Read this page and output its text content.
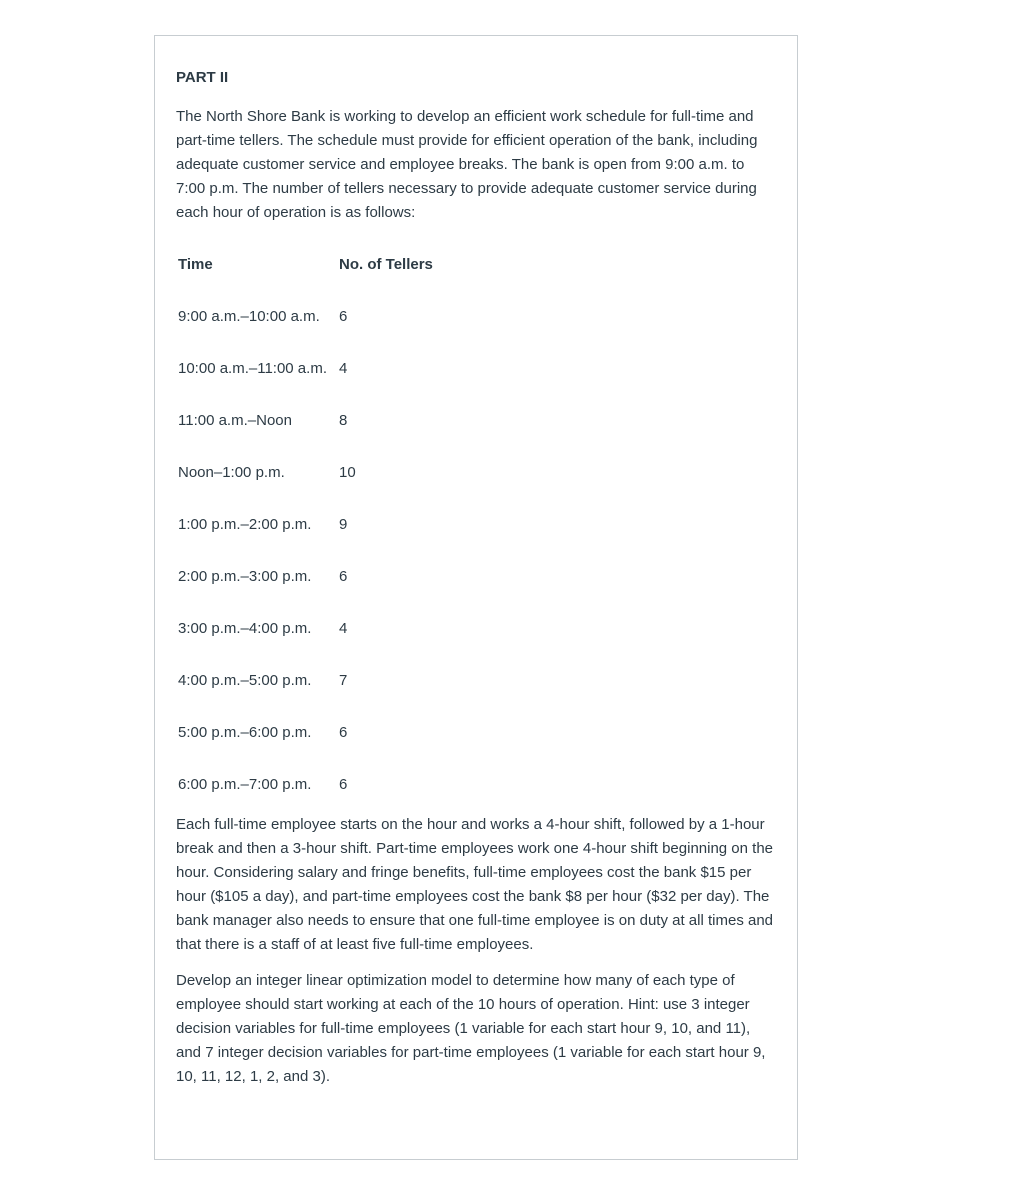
PART II

The North Shore Bank is working to develop an efficient work schedule for full-time and part-time tellers. The schedule must provide for efficient operation of the bank, including adequate customer service and employee breaks. The bank is open from 9:00 a.m. to 7:00 p.m. The number of tellers necessary to provide adequate customer service during each hour of operation is as follows:

Time	No. of Tellers

9:00 a.m.–10:00 a.m.	6

10:00 a.m.–11:00 a.m.	4

11:00 a.m.–Noon	8

Noon–1:00 p.m.	10

1:00 p.m.–2:00 p.m.	9

2:00 p.m.–3:00 p.m.	6

3:00 p.m.–4:00 p.m.	4

4:00 p.m.–5:00 p.m.	7

5:00 p.m.–6:00 p.m.	6

6:00 p.m.–7:00 p.m.	6

Each full-time employee starts on the hour and works a 4-hour shift, followed by a 1-hour break and then a 3-hour shift. Part-time employees work one 4-hour shift beginning on the hour. Considering salary and fringe benefits, full-time employees cost the bank $15 per hour ($105 a day), and part-time employees cost the bank $8 per hour ($32 per day). The bank manager also needs to ensure that one full-time employee is on duty at all times and that there is a staff of at least five full-time employees.

Develop an integer linear optimization model to determine how many of each type of employee should start working at each of the 10 hours of operation. Hint: use 3 integer decision variables for full-time employees (1 variable for each start hour 9, 10, and 11), and 7 integer decision variables for part-time employees (1 variable for each start hour 9, 10, 11, 12, 1, 2, and 3).
